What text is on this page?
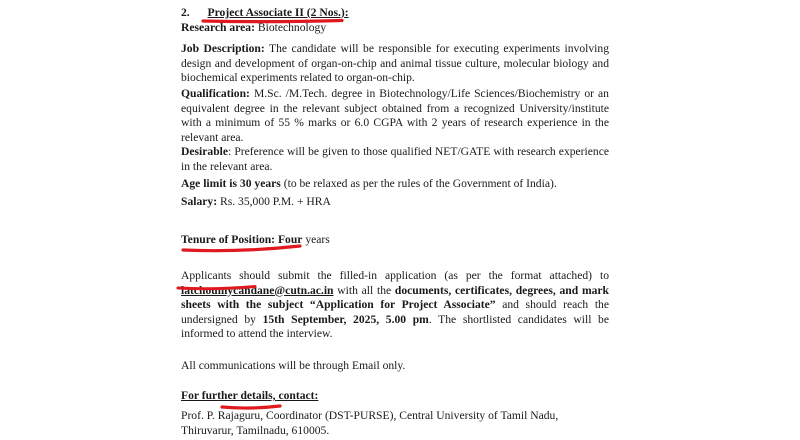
2. Project Associate II (2 Nos.):
Research area: Biotechnology
Job Description: The candidate will be responsible for executing experiments involving design and development of organ-on-chip and animal tissue culture, molecular biology and biochemical experiments related to organ-on-chip.
Qualification: M.Sc. /M.Tech. degree in Biotechnology/Life Sciences/Biochemistry or an equivalent degree in the relevant subject obtained from a recognized University/institute with a minimum of 55 % marks or 6.0 CGPA with 2 years of research experience in the relevant area.
Desirable: Preference will be given to those qualified NET/GATE with research experience in the relevant area.
Age limit is 30 years (to be relaxed as per the rules of the Government of India).
Salary: Rs. 35,000 P.M. + HRA
Tenure of Position: Four years
Applicants should submit the filled-in application (as per the format attached) to latchoumycandane@cutn.ac.in with all the documents, certificates, degrees, and mark sheets with the subject “Application for Project Associate” and should reach the undersigned by 15th September, 2025, 5.00 pm. The shortlisted candidates will be informed to attend the interview.
All communications will be through Email only.
For further details, contact:
Prof. P. Rajaguru, Coordinator (DST-PURSE), Central University of Tamil Nadu, Thiruvarur, Tamilnadu, 610005.
